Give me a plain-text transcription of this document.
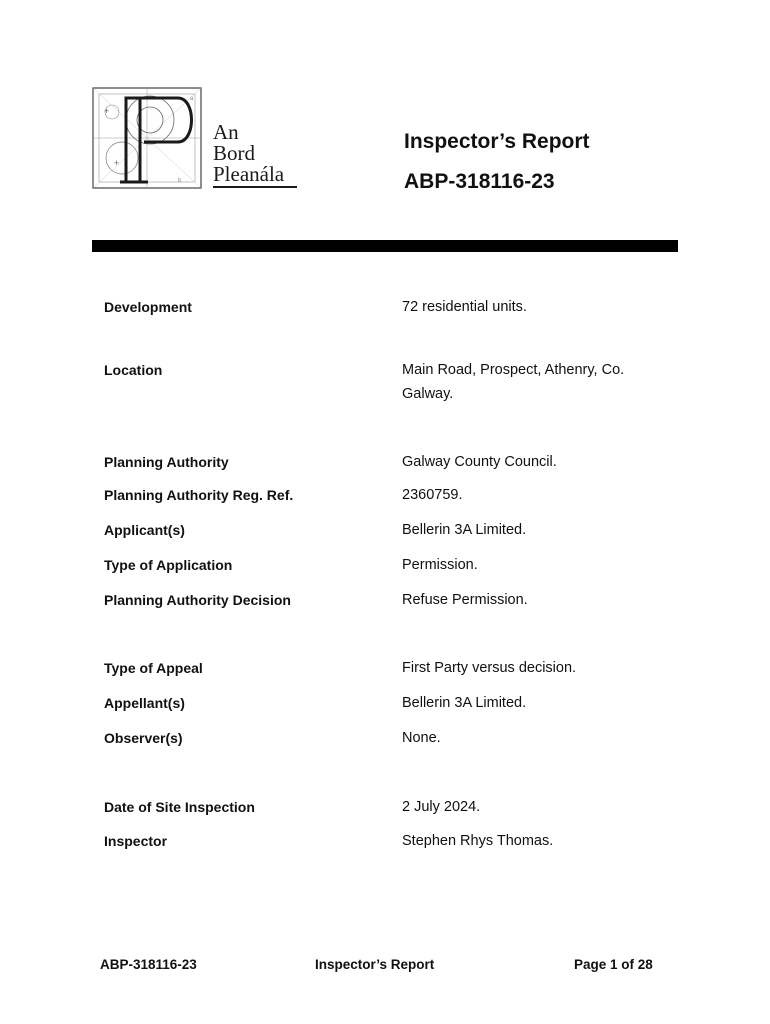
+
+
b
a
An
Bord
Pleanála
Inspector’s Report
ABP-318116-23
Development	72 residential units.
Location	Main Road, Prospect, Athenry, Co. Galway.
Planning Authority	Galway County Council.
Planning Authority Reg. Ref.	2360759.
Applicant(s)	Bellerin 3A Limited.
Type of Application	Permission.
Planning Authority Decision	Refuse Permission.
Type of Appeal	First Party versus decision.
Appellant(s)	Bellerin 3A Limited.
Observer(s)	None.
Date of Site Inspection	2 July 2024.
Inspector	Stephen Rhys Thomas.
ABP-318116-23	Inspector’s Report	Page 1 of 28
